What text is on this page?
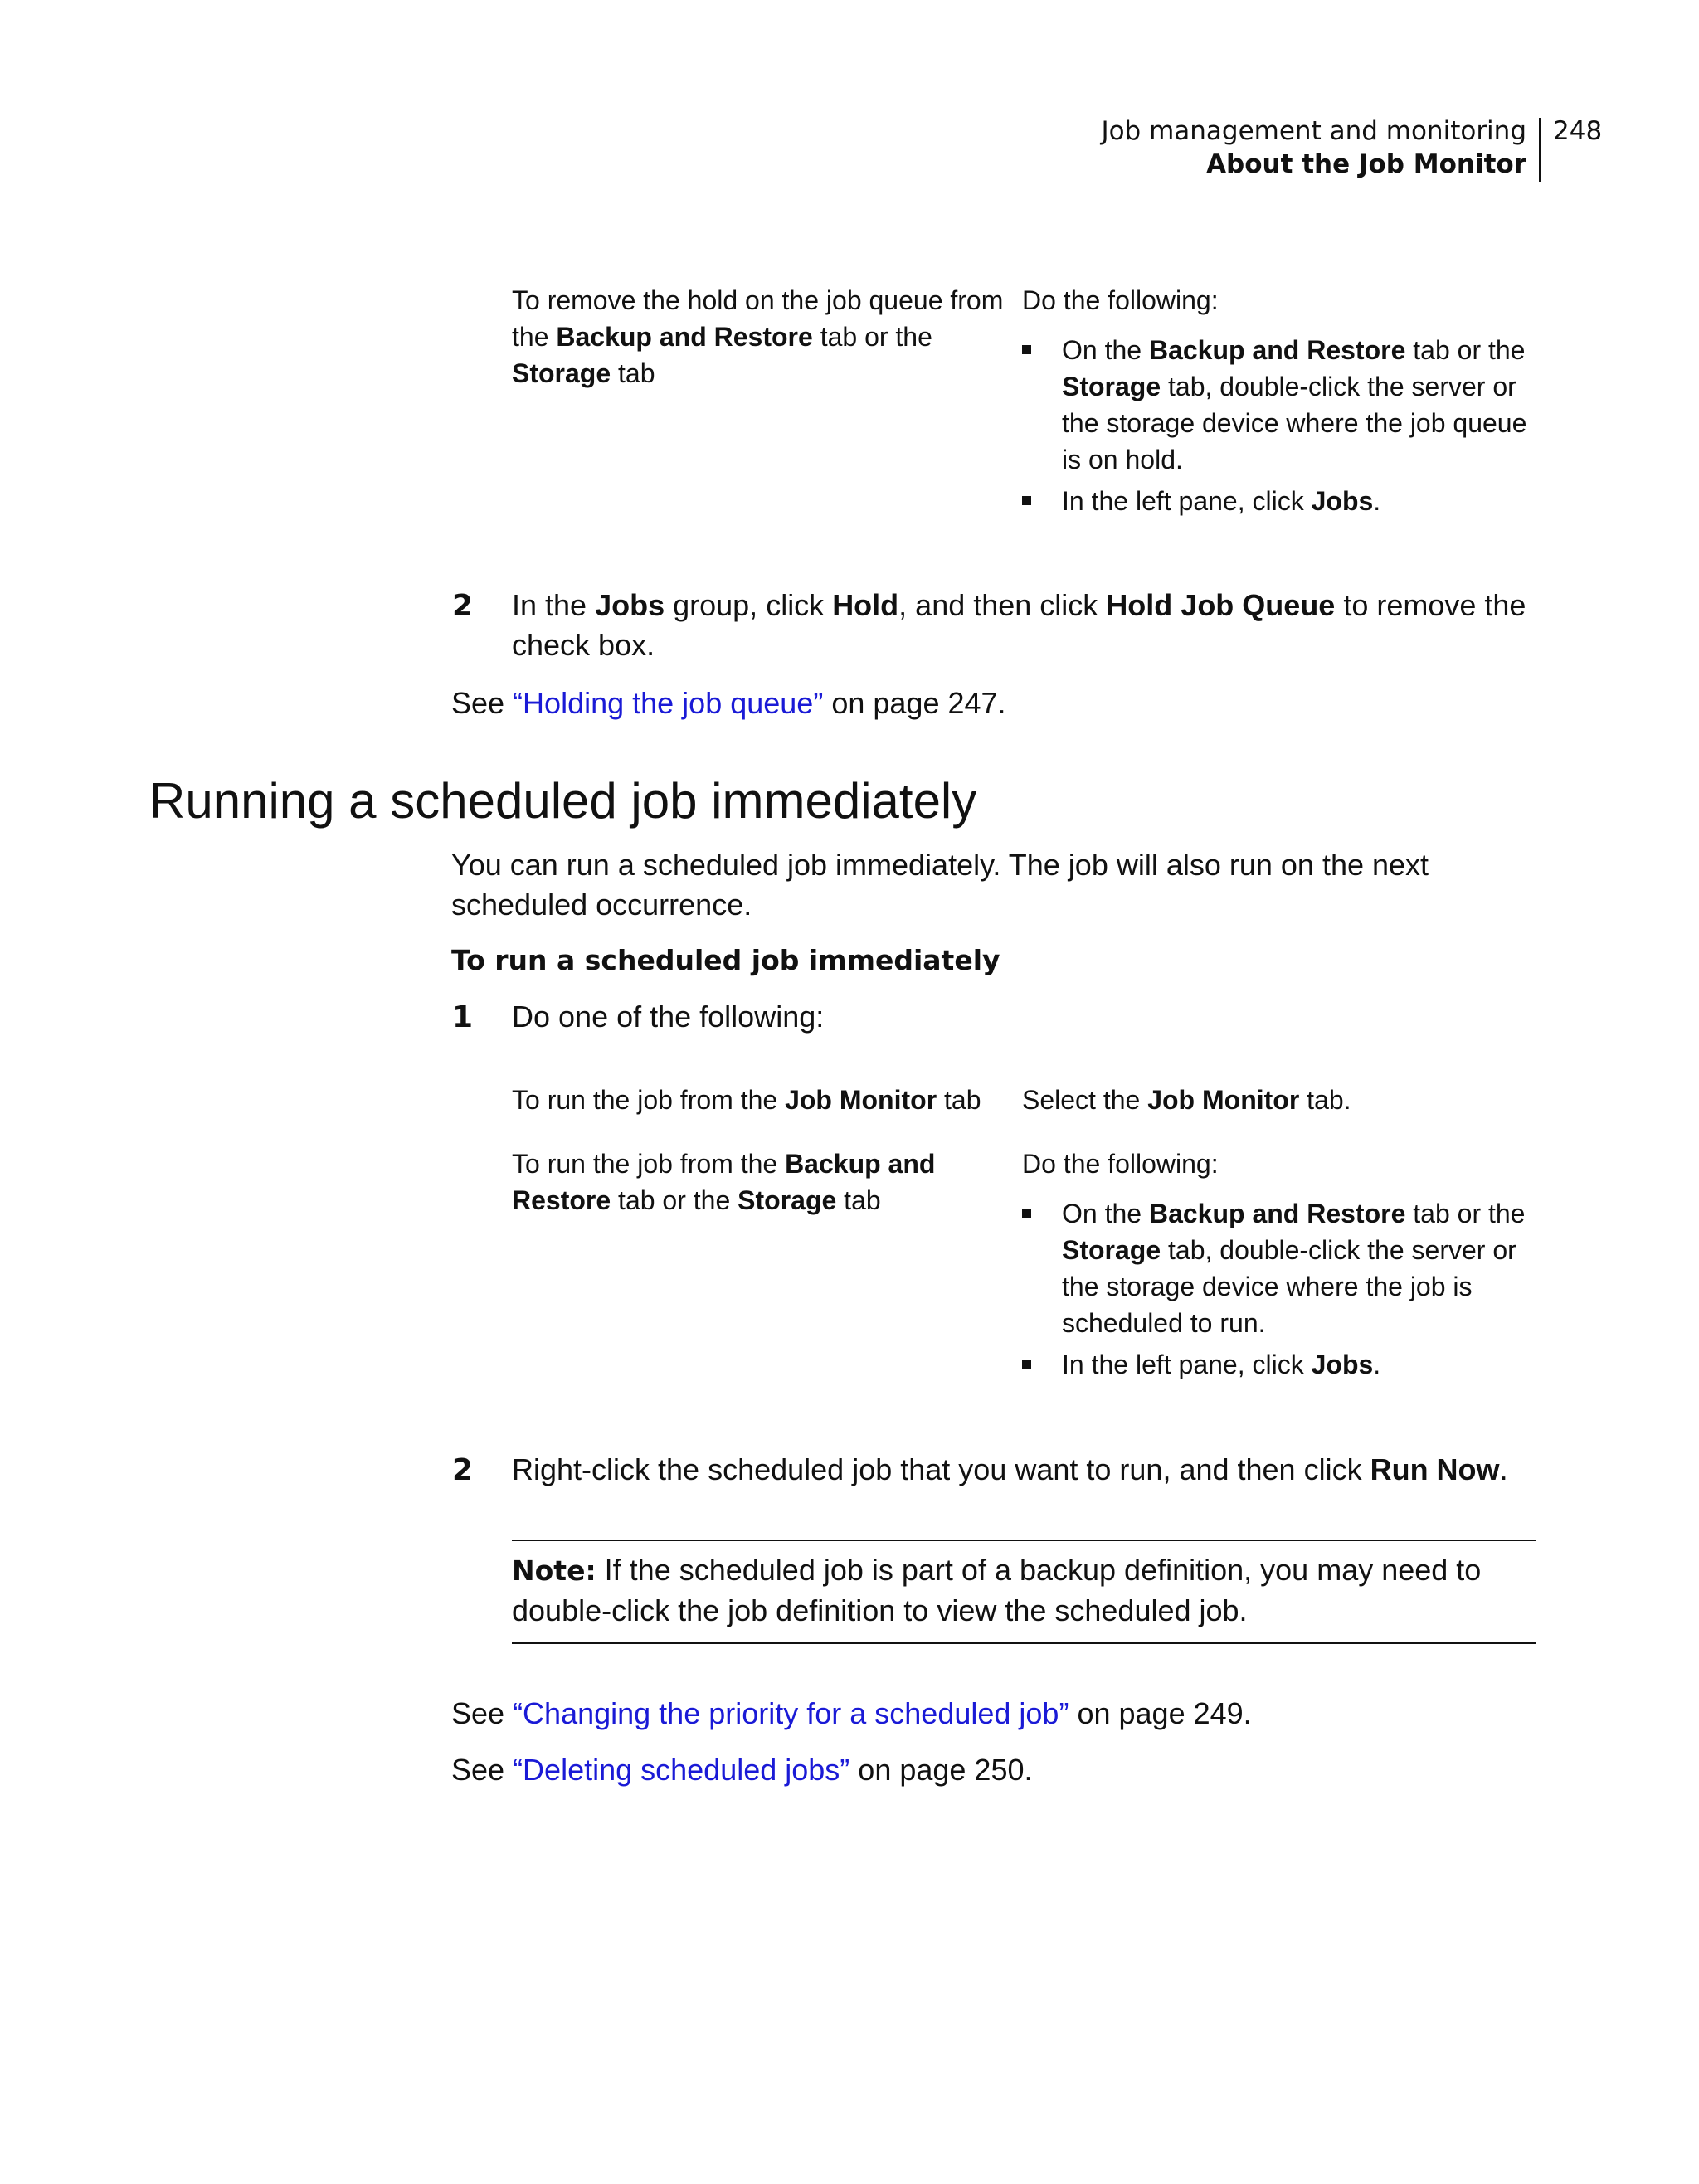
Job management and monitoring
About the Job Monitor
248
To remove the hold on the job queue from the Backup and Restore tab or the Storage tab
Do the following:
On the Backup and Restore tab or the Storage tab, double-click the server or the storage device where the job queue is on hold.
In the left pane, click Jobs.
2 In the Jobs group, click Hold, and then click Hold Job Queue to remove the check box.
See “Holding the job queue” on page 247.
Running a scheduled job immediately
You can run a scheduled job immediately. The job will also run on the next scheduled occurrence.
To run a scheduled job immediately
1 Do one of the following:
To run the job from the Job Monitor tab	Select the Job Monitor tab.
To run the job from the Backup and Restore tab or the Storage tab
Do the following:
On the Backup and Restore tab or the Storage tab, double-click the server or the storage device where the job is scheduled to run.
In the left pane, click Jobs.
2 Right-click the scheduled job that you want to run, and then click Run Now.
Note: If the scheduled job is part of a backup definition, you may need to double-click the job definition to view the scheduled job.
See “Changing the priority for a scheduled job” on page 249.
See “Deleting scheduled jobs” on page 250.
